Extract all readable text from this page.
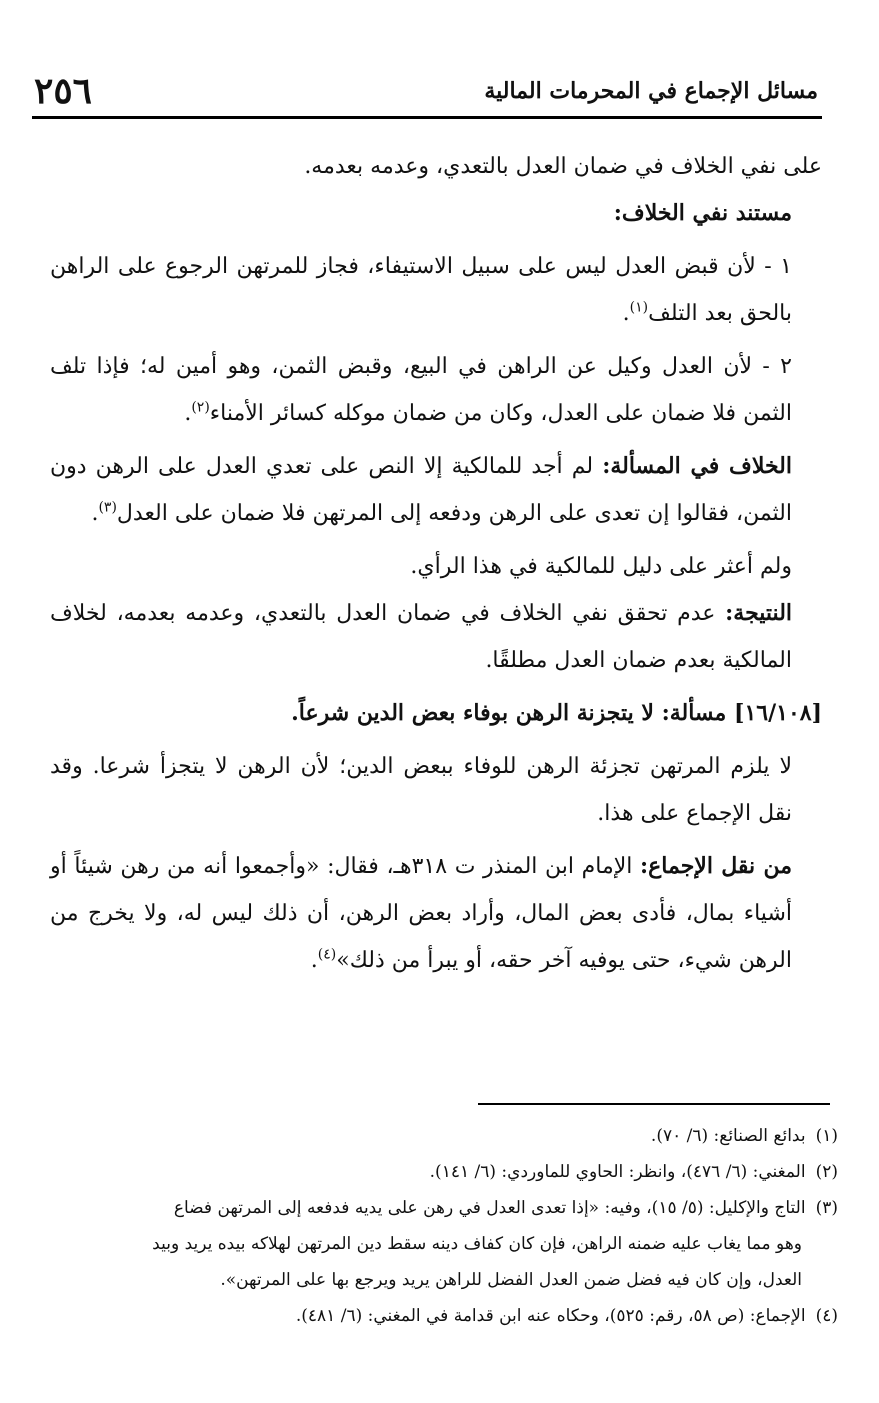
٢٥٦	مسائل الإجماع في المحرمات المالية

على نفي الخلاف في ضمان العدل بالتعدي، وعدمه بعدمه.

مستند نفي الخلاف:

١ - لأن قبض العدل ليس على سبيل الاستيفاء، فجاز للمرتهن الرجوع على الراهن بالحق بعد التلف$^{(١)}$.

٢ - لأن العدل وكيل عن الراهن في البيع، وقبض الثمن، وهو أمين له؛ فإذا تلف الثمن فلا ضمان على العدل، وكان من ضمان موكله كسائر الأمناء$^{(٢)}$.

الخلاف في المسألة: لم أجد للمالكية إلا النص على تعدي العدل على الرهن دون الثمن، فقالوا إن تعدى على الرهن ودفعه إلى المرتهن فلا ضمان على العدل$^{(٣)}$.

ولم أعثر على دليل للمالكية في هذا الرأي.

النتيجة: عدم تحقق نفي الخلاف في ضمان العدل بالتعدي، وعدمه بعدمه، لخلاف المالكية بعدم ضمان العدل مطلقًا.

[١٦/١٠٨] مسألة: لا يتجزنة الرهن بوفاء بعض الدين شرعاً.

لا يلزم المرتهن تجزئة الرهن للوفاء ببعض الدين؛ لأن الرهن لا يتجزأ شرعا. وقد نقل الإجماع على هذا.

من نقل الإجماع: الإمام ابن المنذر ت ٣١٨هـ، فقال: «وأجمعوا أنه من رهن شيئاً أو أشياء بمال، فأدى بعض المال، وأراد بعض الرهن، أن ذلك ليس له، ولا يخرج من الرهن شيء، حتى يوفيه آخر حقه، أو يبرأ من ذلك»$^{(٤)}$.

(١)
بدائع الصنائع: (٦/ ٧٠).
(٢)
المغني: (٦/ ٤٧٦)، وانظر: الحاوي للماوردي: (٦/ ١٤١).
(٣)
التاج والإكليل: (٥/ ١٥)، وفيه: «إذا تعدى العدل في رهن على يديه فدفعه إلى المرتهن فضاع
وهو مما يغاب عليه ضمنه الراهن، فإن كان كفاف دينه سقط دين المرتهن لهلاكه بيده يريد وبيد
العدل، وإن كان فيه فضل ضمن العدل الفضل للراهن يريد ويرجع بها على المرتهن».
(٤)
الإجماع: (ص ٥٨، رقم: ٥٢٥)، وحكاه عنه ابن قدامة في المغني: (٦/ ٤٨١).
